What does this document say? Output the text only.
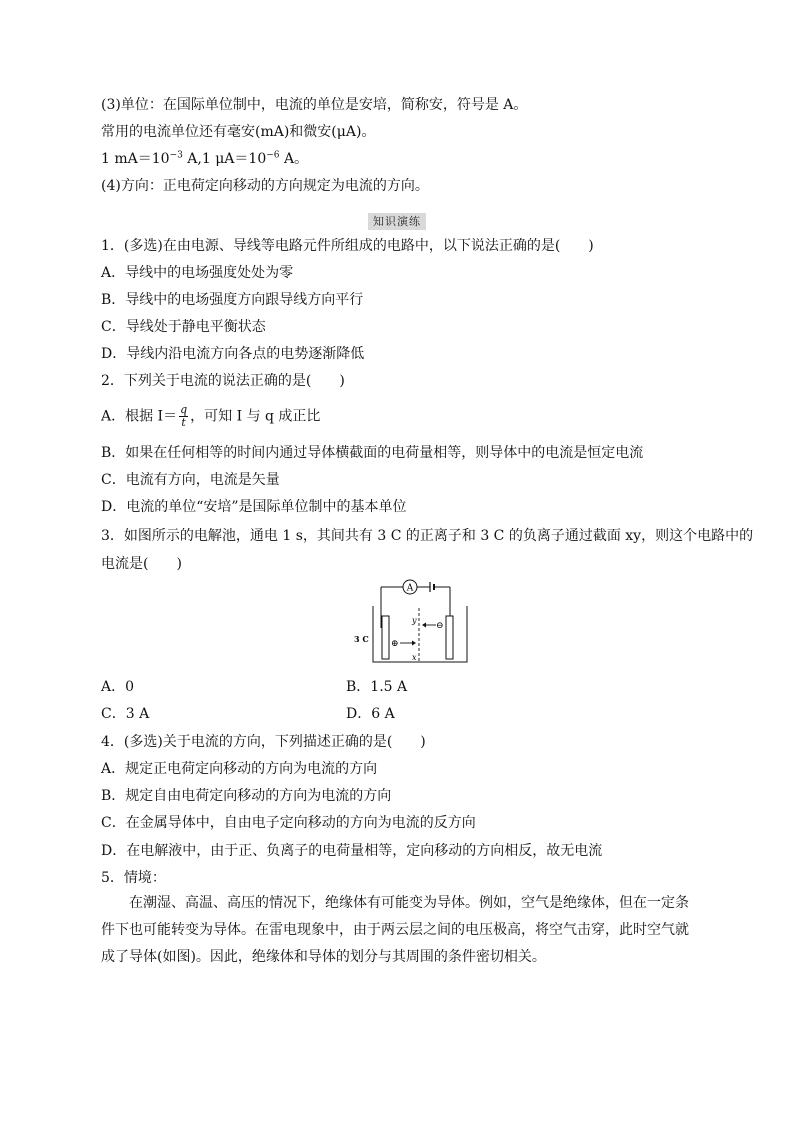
(3)单位：在国际单位制中，电流的单位是安培，简称安，符号是 A。
常用的电流单位还有毫安(mA)和微安(μA)。
1 $mA=10^{-3}$ A,1 $\mu A=10^{-6}$ A。
(4)方向：正电荷定向移动的方向规定为电流的方向。
知识演练
1．(多选)在由电源、导线等电路元件所组成的电路中，以下说法正确的是(　　)
A．导线中的电场强度处处为零
B．导线中的电场强度方向跟导线方向平行
C．导线处于静电平衡状态
D．导线内沿电流方向各点的电势逐渐降低
2．下列关于电流的说法正确的是(　　)
A．根据 $I= \frac{q}{t}$ ，可知 I 与 q 成正比
B．如果在任何相等的时间内通过导体横截面的电荷量相等，则导体中的电流是恒定电流
C．电流有方向，电流是矢量
D．电流的单位“安培”是国际单位制中的基本单位
3．如图所示的电解池，通电 1 s，其间共有 3 C 的正离子和 3 C 的负离子通过截面 xy，则这个电路中的
电流是(　　)
A
y
x
3 C ⊕
⊖
A．0	B．1.5 A
C．3 A	D．6 A
4．(多选)关于电流的方向，下列描述正确的是(　　)
A．规定正电荷定向移动的方向为电流的方向
B．规定自由电荷定向移动的方向为电流的方向
C．在金属导体中，自由电子定向移动的方向为电流的反方向
D．在电解液中，由于正、负离子的电荷量相等，定向移动的方向相反，故无电流
5．情境：
在潮湿、高温、高压的情况下，绝缘体有可能变为导体。例如，空气是绝缘体，但在一定条件下也可能转变为导体。在雷电现象中，由于两云层之间的电压极高，将空气击穿，此时空气就成了导体(如图)。因此，绝缘体和导体的划分与其周围的条件密切相关。
